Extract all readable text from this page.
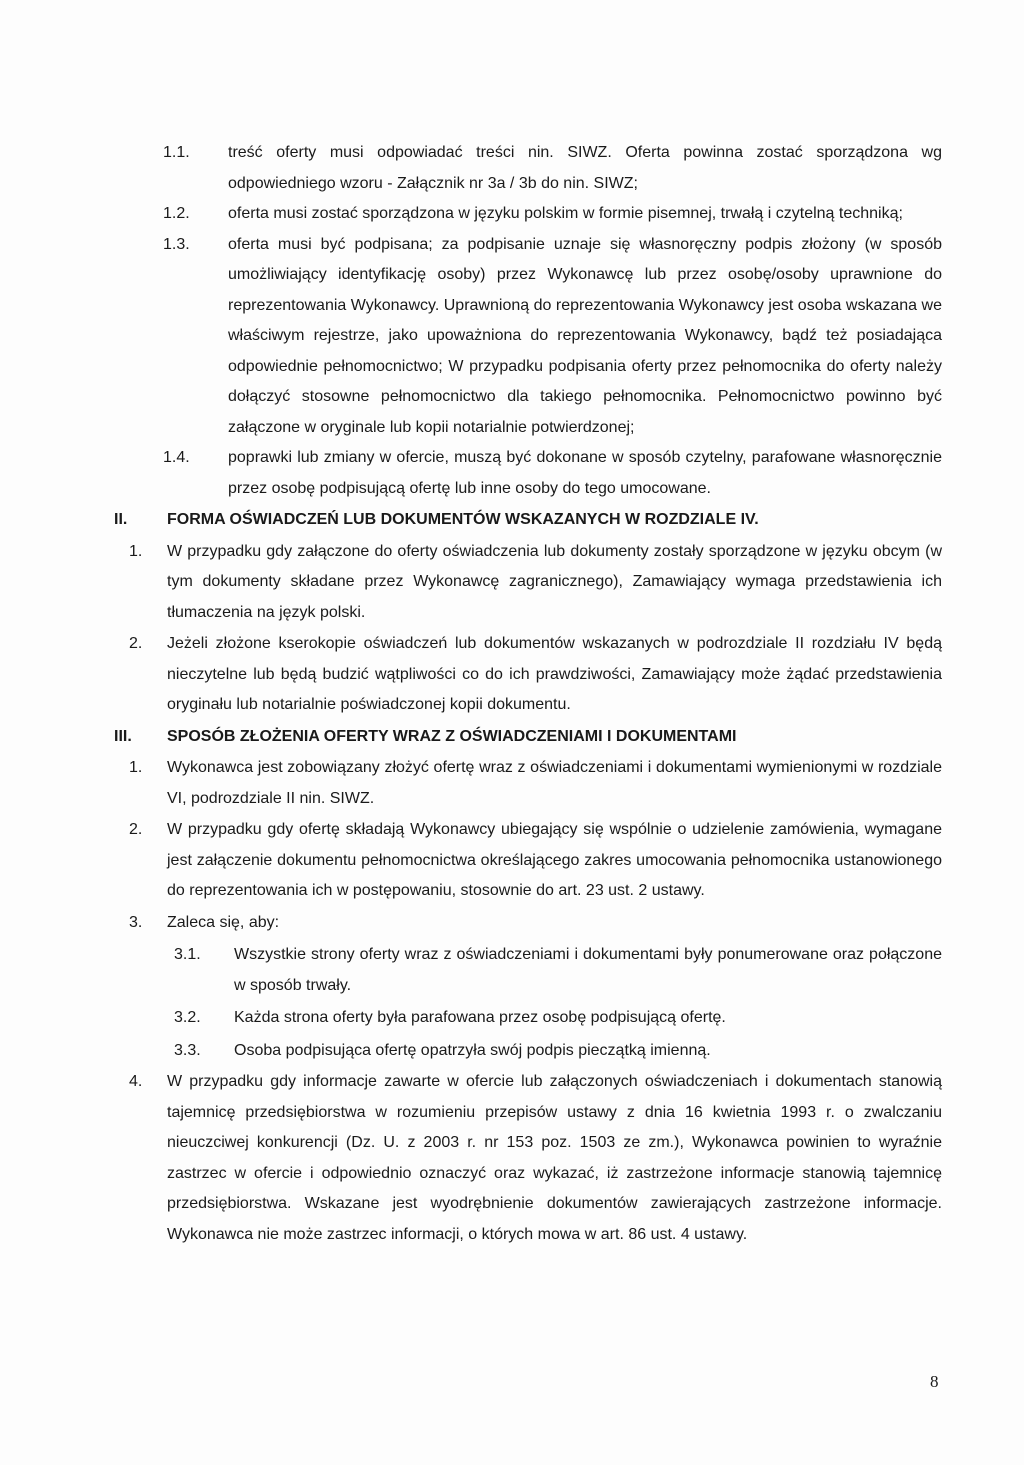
1.1.	treść oferty musi odpowiadać treści nin. SIWZ. Oferta powinna zostać sporządzona wg odpowiedniego wzoru - Załącznik nr 3a / 3b do nin. SIWZ;
1.2.	oferta musi zostać sporządzona w języku polskim w formie pisemnej, trwałą i czytelną techniką;
1.3.	oferta musi być podpisana; za podpisanie uznaje się własnoręczny podpis złożony (w sposób umożliwiający identyfikację osoby) przez Wykonawcę lub przez osobę/osoby uprawnione do reprezentowania Wykonawcy. Uprawnioną do reprezentowania Wykonawcy jest osoba wskazana we właściwym rejestrze, jako upoważniona do reprezentowania Wykonawcy, bądź też posiadająca odpowiednie pełnomocnictwo; W przypadku podpisania oferty przez pełnomocnika do oferty należy dołączyć stosowne pełnomocnictwo dla takiego pełnomocnika. Pełnomocnictwo powinno być załączone w oryginale lub kopii notarialnie potwierdzonej;
1.4.	poprawki lub zmiany w ofercie, muszą być dokonane w sposób czytelny, parafowane własnoręcznie przez osobę podpisującą ofertę lub inne osoby do tego umocowane.
II.	FORMA OŚWIADCZEŃ LUB DOKUMENTÓW WSKAZANYCH W ROZDZIALE IV.
1.	W przypadku gdy załączone do oferty oświadczenia lub dokumenty zostały sporządzone w języku obcym (w tym dokumenty składane przez Wykonawcę zagranicznego), Zamawiający wymaga przedstawienia ich tłumaczenia na język polski.
2.	Jeżeli złożone kserokopie oświadczeń lub dokumentów wskazanych w podrozdziale II rozdziału IV będą nieczytelne lub będą budzić wątpliwości co do ich prawdziwości, Zamawiający może żądać przedstawienia oryginału lub notarialnie poświadczonej kopii dokumentu.
III.	SPOSÓB ZŁOŻENIA OFERTY WRAZ Z OŚWIADCZENIAMI I DOKUMENTAMI
1.	Wykonawca jest zobowiązany złożyć ofertę wraz z oświadczeniami i dokumentami wymienionymi w rozdziale VI, podrozdziale II nin. SIWZ.
2.	W przypadku gdy ofertę składają Wykonawcy ubiegający się wspólnie o udzielenie zamówienia, wymagane jest załączenie dokumentu pełnomocnictwa określającego zakres umocowania pełnomocnika ustanowionego do reprezentowania ich w postępowaniu, stosownie do art. 23 ust. 2 ustawy.
3.	Zaleca się, aby:
3.1.	Wszystkie strony oferty wraz z oświadczeniami i dokumentami były ponumerowane oraz połączone w sposób trwały.
3.2.	Każda strona oferty była parafowana przez osobę podpisującą ofertę.
3.3.	Osoba podpisująca ofertę opatrzyła swój podpis pieczątką imienną.
4.	W przypadku gdy informacje zawarte w ofercie lub załączonych oświadczeniach i dokumentach stanowią tajemnicę przedsiębiorstwa w rozumieniu przepisów ustawy z dnia 16 kwietnia 1993 r. o zwalczaniu nieuczciwej konkurencji (Dz. U. z 2003 r. nr 153 poz. 1503 ze zm.), Wykonawca powinien to wyraźnie zastrzec w ofercie i odpowiednio oznaczyć oraz wykazać, iż zastrzeżone informacje stanowią tajemnicę przedsiębiorstwa. Wskazane jest wyodrębnienie dokumentów zawierających zastrzeżone informacje. Wykonawca nie może zastrzec informacji, o których mowa w art. 86 ust. 4 ustawy.
8
